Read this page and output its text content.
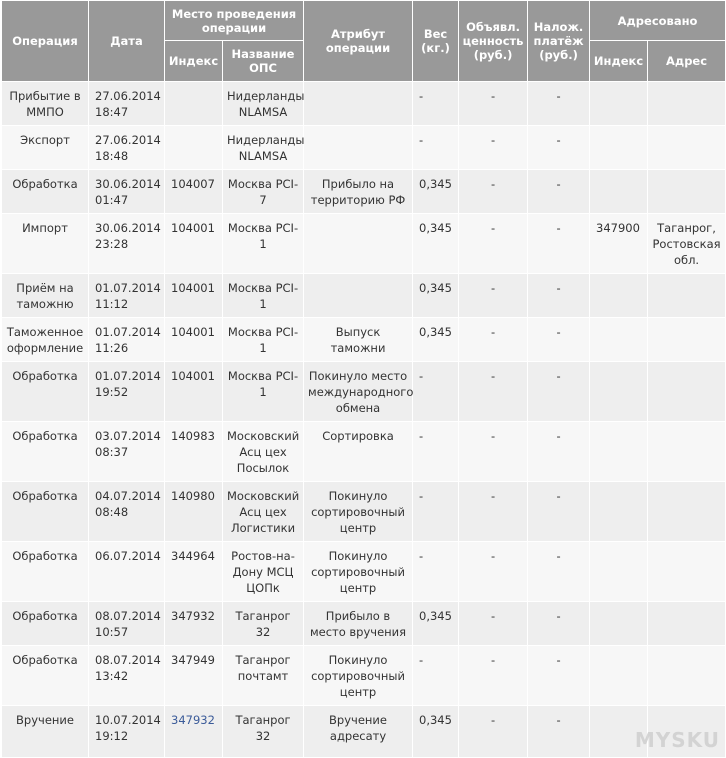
Операция	Дата	Место проведения операции		Атрибут операции	Вес (кг.)	Объявл. ценность (руб.)	Налож. платёж (руб.)	Адресовано	
		Индекс	Название ОПС					Индекс	Адрес
Прибытие в ММПО	27.06.2014 18:47		Нидерланды NLAMSA		-	-	-		
Экспорт	27.06.2014 18:48		Нидерланды NLAMSA		-	-	-		
Обработка	30.06.2014 01:47	104007	Москва PCI-7	Прибыло на территорию РФ	0,345	-	-		
Импорт	30.06.2014 23:28	104001	Москва PCI-1		0,345	-	-	347900	Таганрог, Ростовская обл.
Приём на таможню	01.07.2014 11:12	104001	Москва PCI-1		0,345	-	-		
Таможенное оформление	01.07.2014 11:26	104001	Москва PCI-1	Выпуск таможни	0,345	-	-		
Обработка	01.07.2014 19:52	104001	Москва PCI-1	Покинуло место международного обмена	-	-	-		
Обработка	03.07.2014 08:37	140983	Московский Асц цех Посылок	Сортировка	-	-	-		
Обработка	04.07.2014 08:48	140980	Московский Асц цех Логистики	Покинуло сортировочный центр	-	-	-		
Обработка	06.07.2014	344964	Ростов-на-Дону МСЦ ЦОПк	Покинуло сортировочный центр	-	-	-		
Обработка	08.07.2014 10:57	347932	Таганрог 32	Прибыло в место вручения	0,345	-	-		
Обработка	08.07.2014 13:42	347949	Таганрог почтамт	Покинуло сортировочный центр	-	-	-		
Вручение	10.07.2014 19:12	347932	Таганрог 32	Вручение адресату	0,345	-	-		
MYSKU
